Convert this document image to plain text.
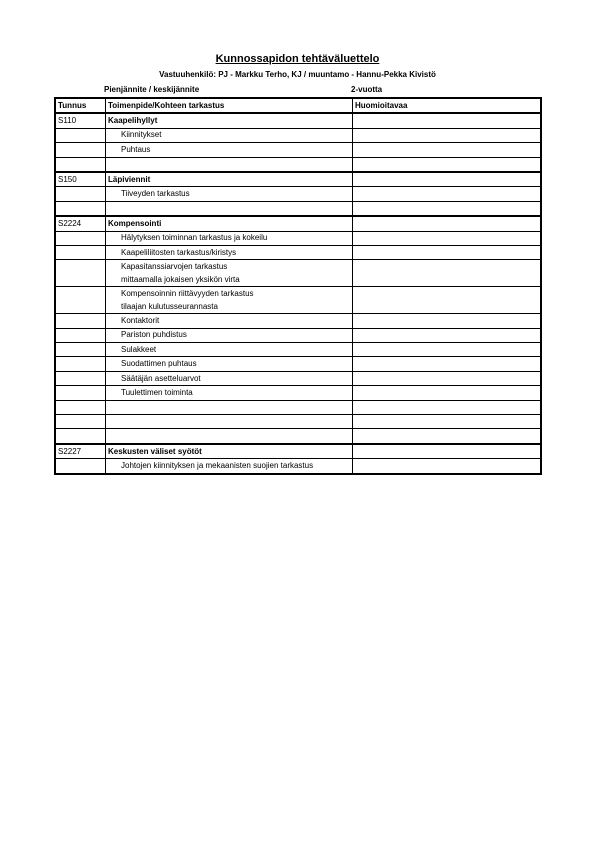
Kunnossapidon tehtäväluettelo
Vastuuhenkilö: PJ - Markku Terho, KJ / muuntamo - Hannu-Pekka Kivistö
Pienjännite / keskijännite	2-vuotta
Tunnus	Toimenpide/Kohteen tarkastus	Huomioitavaa
S110	Kaapelihyllyt	
	Kiinnitykset	
	Puhtaus	

S150	Läpiviennit	
	Tiiveyden tarkastus	

S2224	Kompensointi	
	Hälytyksen toiminnan tarkastus ja kokeilu	
	Kaapeliliitosten tarkastus/kiristys	
	Kapasitanssiarvojen tarkastus
mittaamalla jokaisen yksikön virta	

	Kompensoinnin riittävyyden tarkastus
tilaajan kulutusseurannasta	

	Kontaktorit	
	Pariston puhdistus	
	Sulakkeet	
	Suodattimen puhtaus	
	Säätäjän asetteluarvot	
	Tuulettimen toiminta	

S2227	Keskusten väliset syötöt	
	Johtojen kiinnityksen ja mekaanisten suojien tarkastus	
